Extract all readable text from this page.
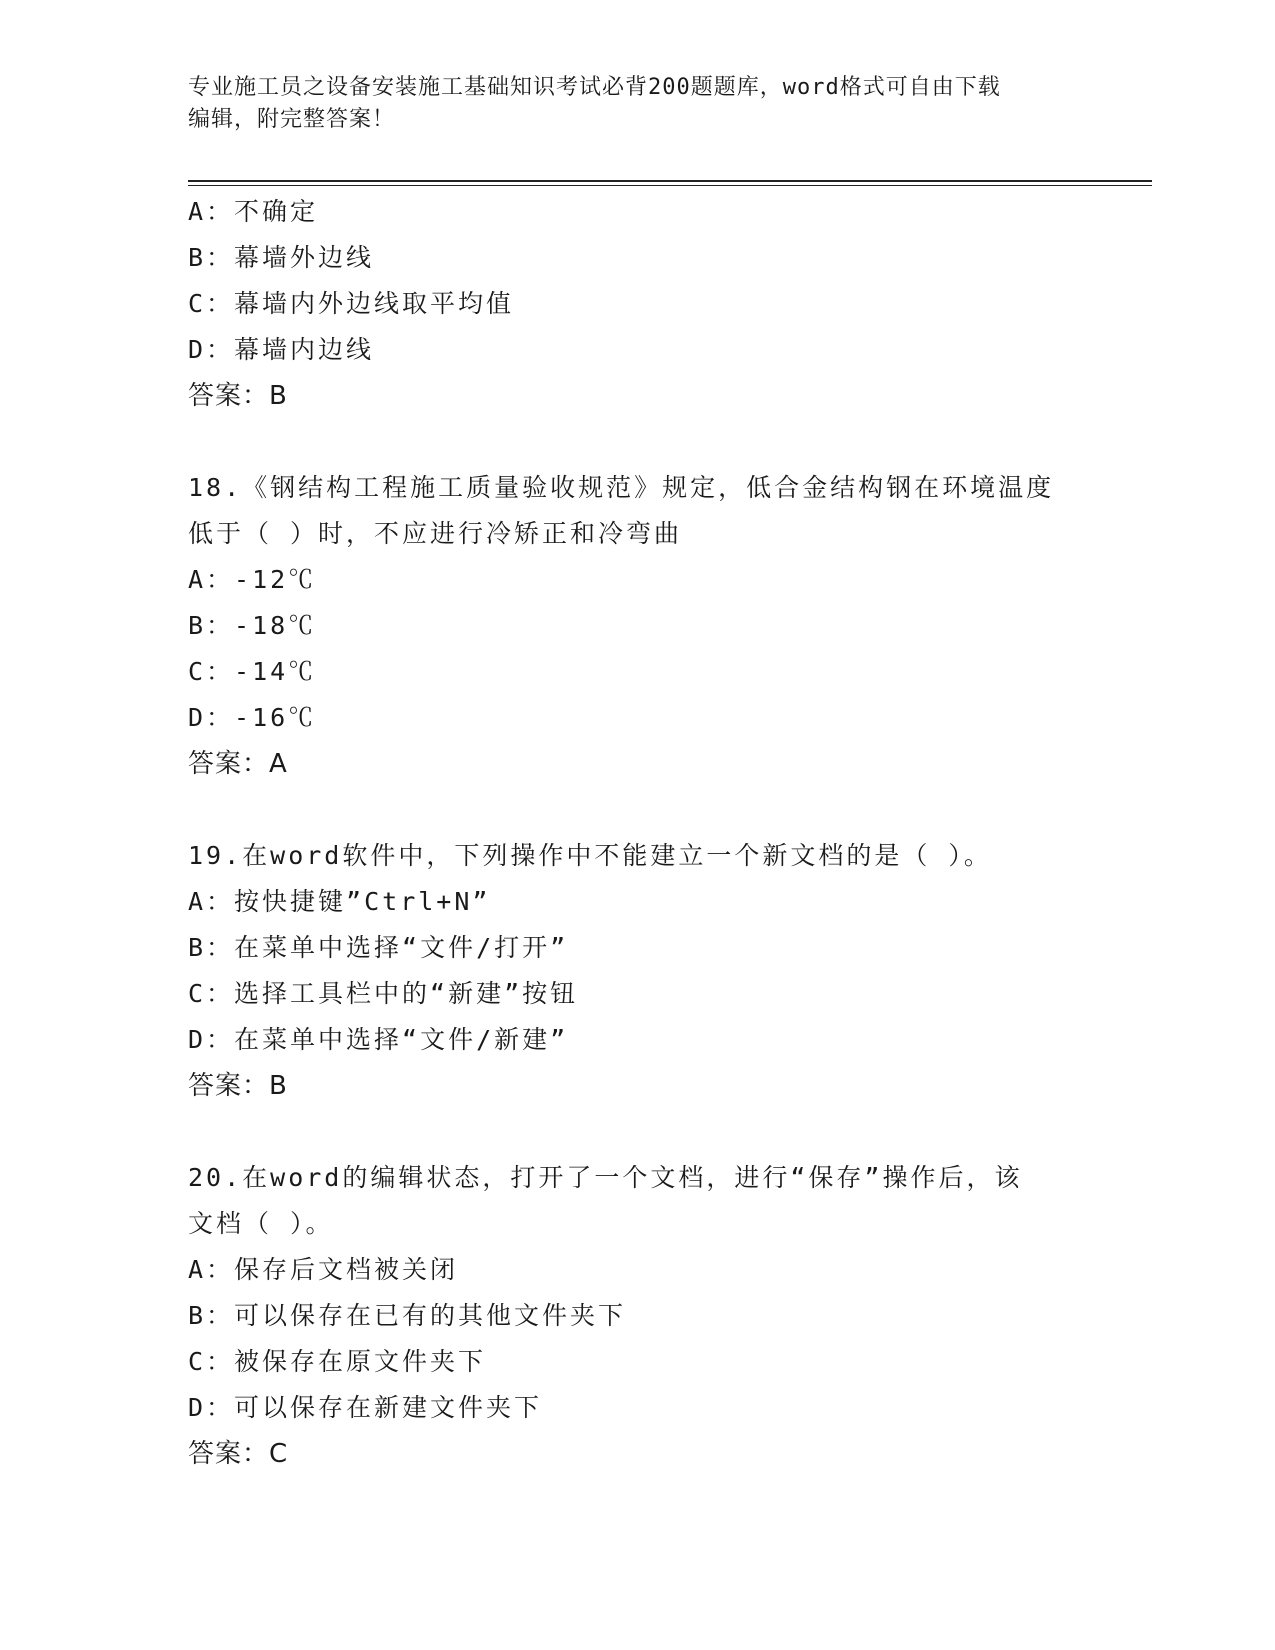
专业施工员之设备安装施工基础知识考试必背200题题库，word格式可自由下载
编辑，附完整答案！
A：不确定
B：幕墙外边线
C：幕墙内外边线取平均值
D：幕墙内边线
答案：B
18.《钢结构工程施工质量验收规范》规定，低合金结构钢在环境温度
低于（ ）时，不应进行冷矫正和冷弯曲
A：-12℃
B：-18℃
C：-14℃
D：-16℃
答案：A
19.在word软件中，下列操作中不能建立一个新文档的是（ ）。
A：按快捷键”Ctrl+N”
B：在菜单中选择“文件/打开”
C：选择工具栏中的“新建”按钮
D：在菜单中选择“文件/新建”
答案：B
20.在word的编辑状态，打开了一个文档，进行“保存”操作后，该
文档（ ）。
A：保存后文档被关闭
B：可以保存在已有的其他文件夹下
C：被保存在原文件夹下
D：可以保存在新建文件夹下
答案：C
